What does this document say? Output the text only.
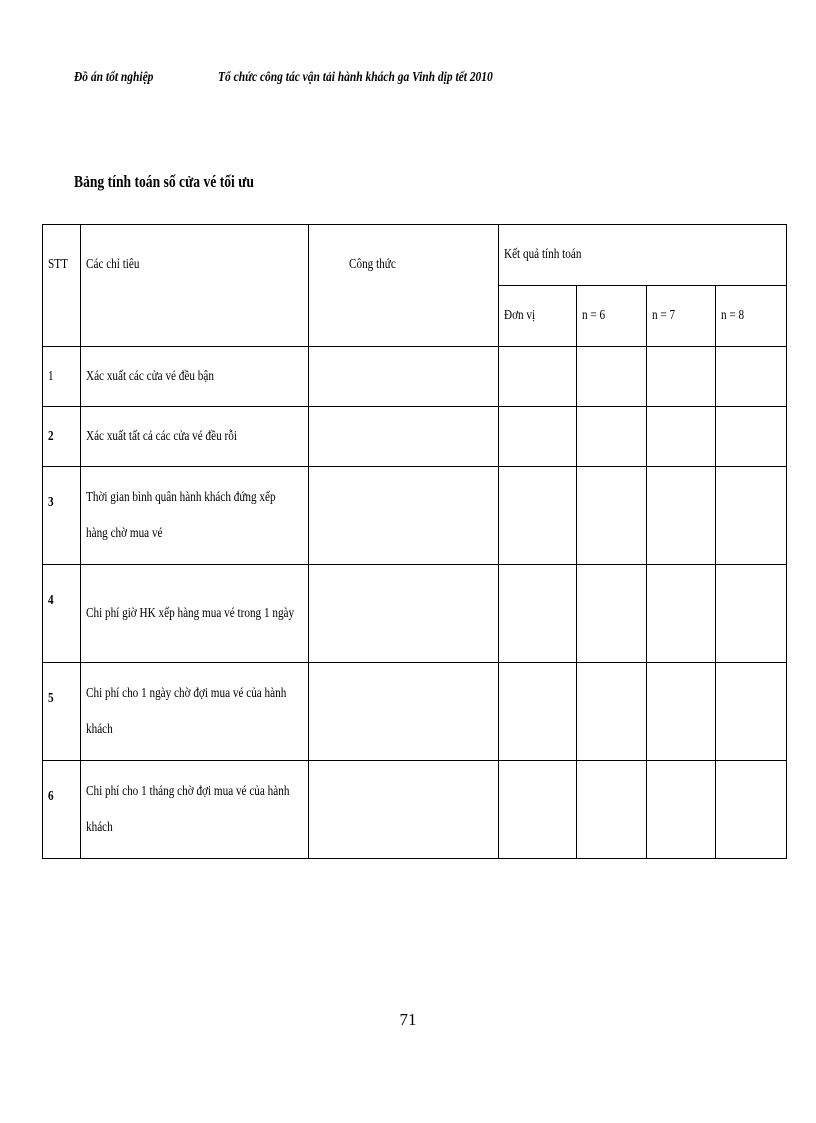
Đồ án tốt nghiệp	Tổ chức công tác vận tải hành khách ga Vinh dịp tết 2010
Bảng tính toán số cửa vé tối ưu
STT	Các chỉ tiêu	Công thức	Kết quả tính toán			

			Đơn vị	n = 6	n = 7	n = 8

1	Xác xuất các cửa vé đều bận					

2	Xác xuất tất cả các cửa vé đều rỗi					

3	Thời gian bình quân hành khách đứng xếp hàng chờ mua vé					

4	Chi phí giờ HK xếp hàng mua vé trong 1 ngày					

5	Chi phí cho 1 ngày chờ đợi mua vé của hành khách					

6	Chi phí cho 1 tháng chờ đợi mua vé của hành khách					

71
